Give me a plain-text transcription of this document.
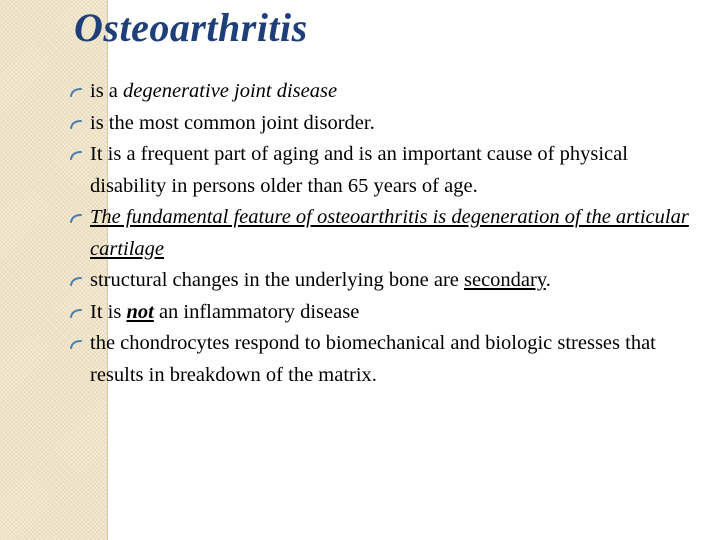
Osteoarthritis
is a degenerative joint disease
is the most common joint disorder.
It is a frequent part of aging and is an important cause of physical disability in persons older than 65 years of age.
The fundamental feature of osteoarthritis is degeneration of the articular cartilage
structural changes in the underlying bone are secondary.
It is not an inflammatory disease
the chondrocytes respond to biomechanical and biologic stresses that results in breakdown of the matrix.
